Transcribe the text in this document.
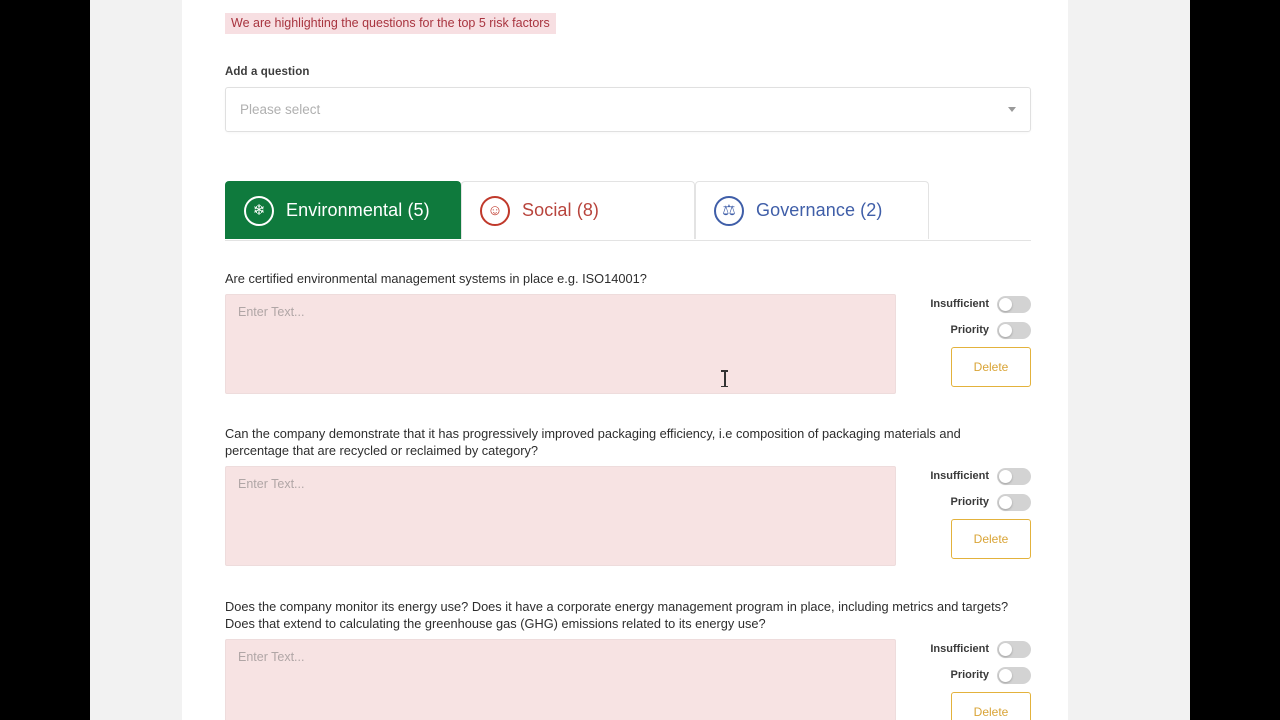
We are highlighting the questions for the top 5 risk factors
Add a question
Please select
❄	Environmental (5)	☺	Social (8)	⚖	Governance (2)
Are certified environmental management systems in place e.g. ISO14001?
Enter Text...
Insufficient
Priority
Delete
Can the company demonstrate that it has progressively improved packaging efficiency, i.e composition of packaging materials and percentage that are recycled or reclaimed by category?
Enter Text...
Insufficient
Priority
Delete
Does the company monitor its energy use? Does it have a corporate energy management program in place, including metrics and targets? Does that extend to calculating the greenhouse gas (GHG) emissions related to its energy use?
Enter Text...
Insufficient
Priority
Delete
